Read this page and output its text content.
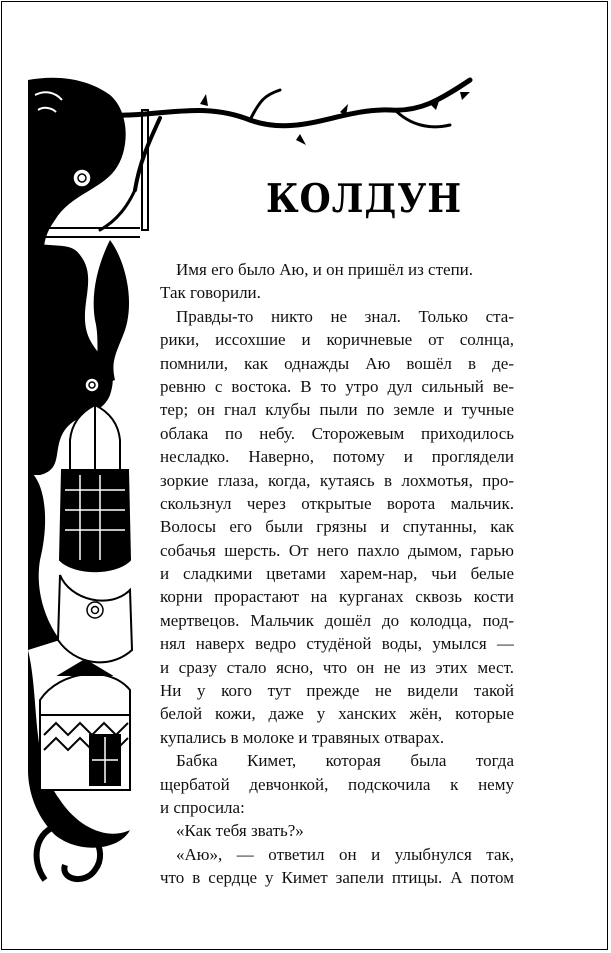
КОЛДУН
Имя его было Аю, и он пришёл из степи.
Так говорили.
Правды-то никто не знал. Только ста-
рики, иссохшие и коричневые от солнца,
помнили, как однажды Аю вошёл в де-
ревню с востока. В то утро дул сильный ве-
тер; он гнал клубы пыли по земле и тучные
облака по небу. Сторожевым приходилось
несладко. Наверно, потому и проглядели
зоркие глаза, когда, кутаясь в лохмотья, про-
скользнул через открытые ворота мальчик.
Волосы его были грязны и спутанны, как
собачья шерсть. От него пахло дымом, гарью
и сладкими цветами харем-нар, чьи белые
корни прорастают на курганах сквозь кости
мертвецов. Мальчик дошёл до колодца, под-
нял наверх ведро студёной воды, умылся —
и сразу стало ясно, что он не из этих мест.
Ни у кого тут прежде не видели такой
белой кожи, даже у ханских жён, которые
купались в молоке и травяных отварах.
Бабка Кимет, которая была тогда
щербатой девчонкой, подскочила к нему
и спросила:
«Как тебя звать?»
«Аю», — ответил он и улыбнулся так,
что в сердце у Кимет запели птицы. А потом
